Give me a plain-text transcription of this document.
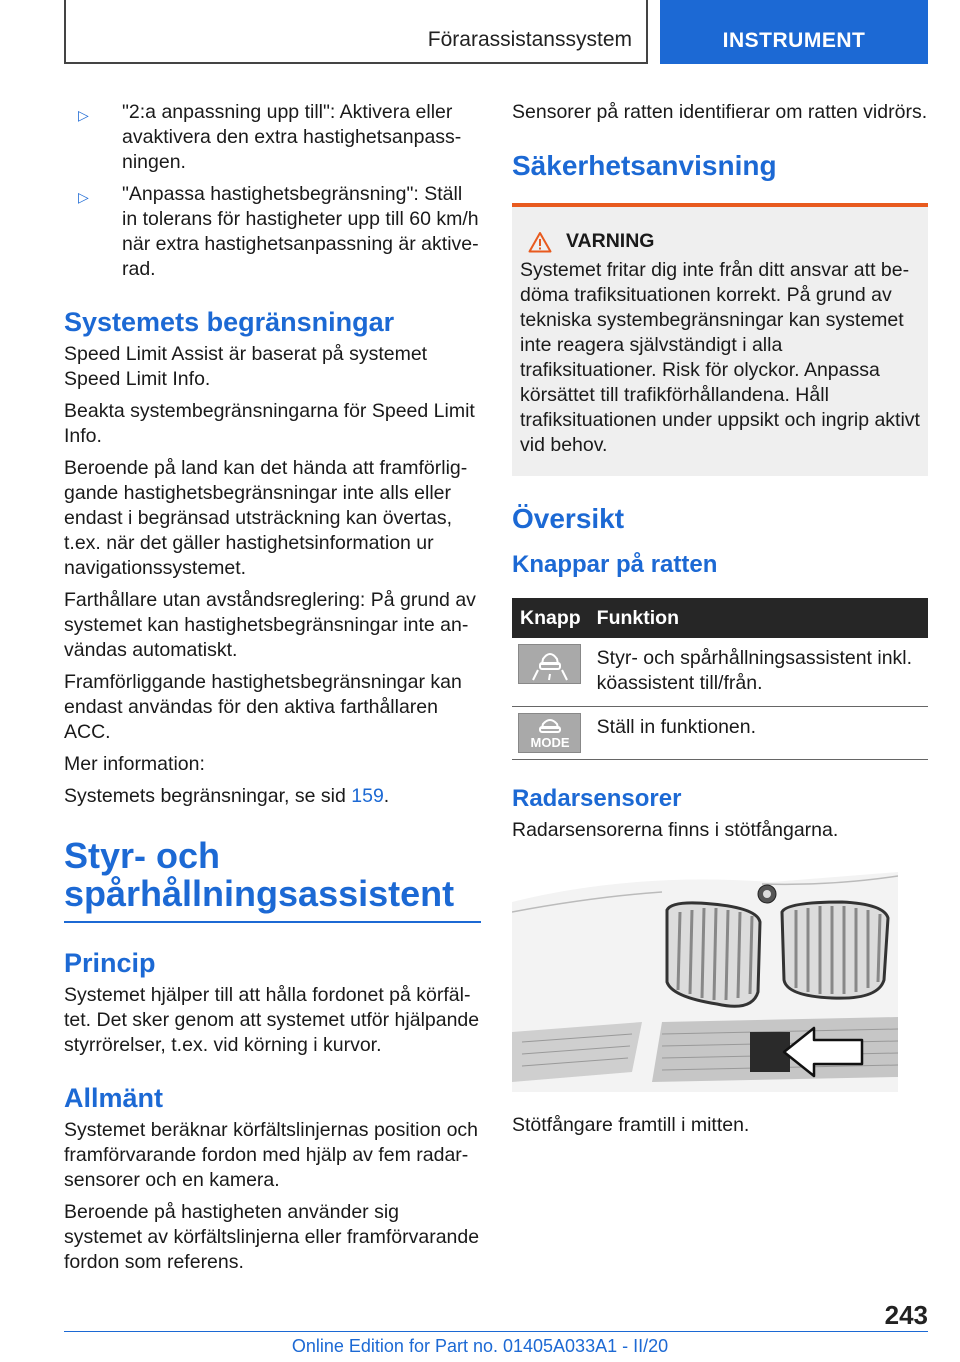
Förarassistanssystem	INSTRUMENT
▷	"2:a anpassning upp till": Aktivera eller avaktivera den extra hastighetsanpassningen.
▷	"Anpassa hastighetsbegränsning": Ställ in tolerans för hastigheter upp till 60 km/h när extra hastighetsanpassning är aktiverad.
Systemets begränsningar

Speed Limit Assist är baserat på systemet Speed Limit Info.

Beakta systembegränsningarna för Speed Limit Info.

Beroende på land kan det hända att framförliggande hastighetsbegränsningar inte alls eller endast i begränsad utsträckning kan övertas, t.ex. när det gäller hastighetsinformation ur navigationssystemet.

Farthållare utan avståndsreglering: På grund av systemet kan hastighetsbegränsningar inte användas automatiskt.

Framförliggande hastighetsbegränsningar kan endast användas för den aktiva farthållaren ACC.

Mer information:

Systemets begränsningar, se sid 159.

Styr- och spårhållningsassistent
Princip

Systemet hjälper till att hålla fordonet på körfältet. Det sker genom att systemet utför hjälpande styrrörelser, t.ex. vid körning i kurvor.

Allmänt

Systemet beräknar körfältslinjernas position och framförvarande fordon med hjälp av fem radarsensorer och en kamera.

Beroende på hastigheten använder sig systemet av körfältslinjerna eller framförvarande fordon som referens.

Sensorer på ratten identifierar om ratten vidrörs.

Säkerhetsanvisning
VARNING
Systemet fritar dig inte från ditt ansvar att bedöma trafiksituationen korrekt. På grund av tekniska systembegränsningar kan systemet inte reagera självständigt i alla trafiksituationer. Risk för olyckor. Anpassa körsättet till trafikförhållandena. Håll trafiksituationen under uppsikt och ingrip aktivt vid behov.
Översikt
Knappar på ratten
Knapp	Funktion

	Styr- och spårhållningsassistent inkl. köassistent till/från.

MODE	Ställ in funktionen.
Radarsensorer

Radarsensorerna finns i stötfångarna.

Stötfångare framtill i mitten.

243
Online Edition for Part no. 01405A033A1 - II/20
